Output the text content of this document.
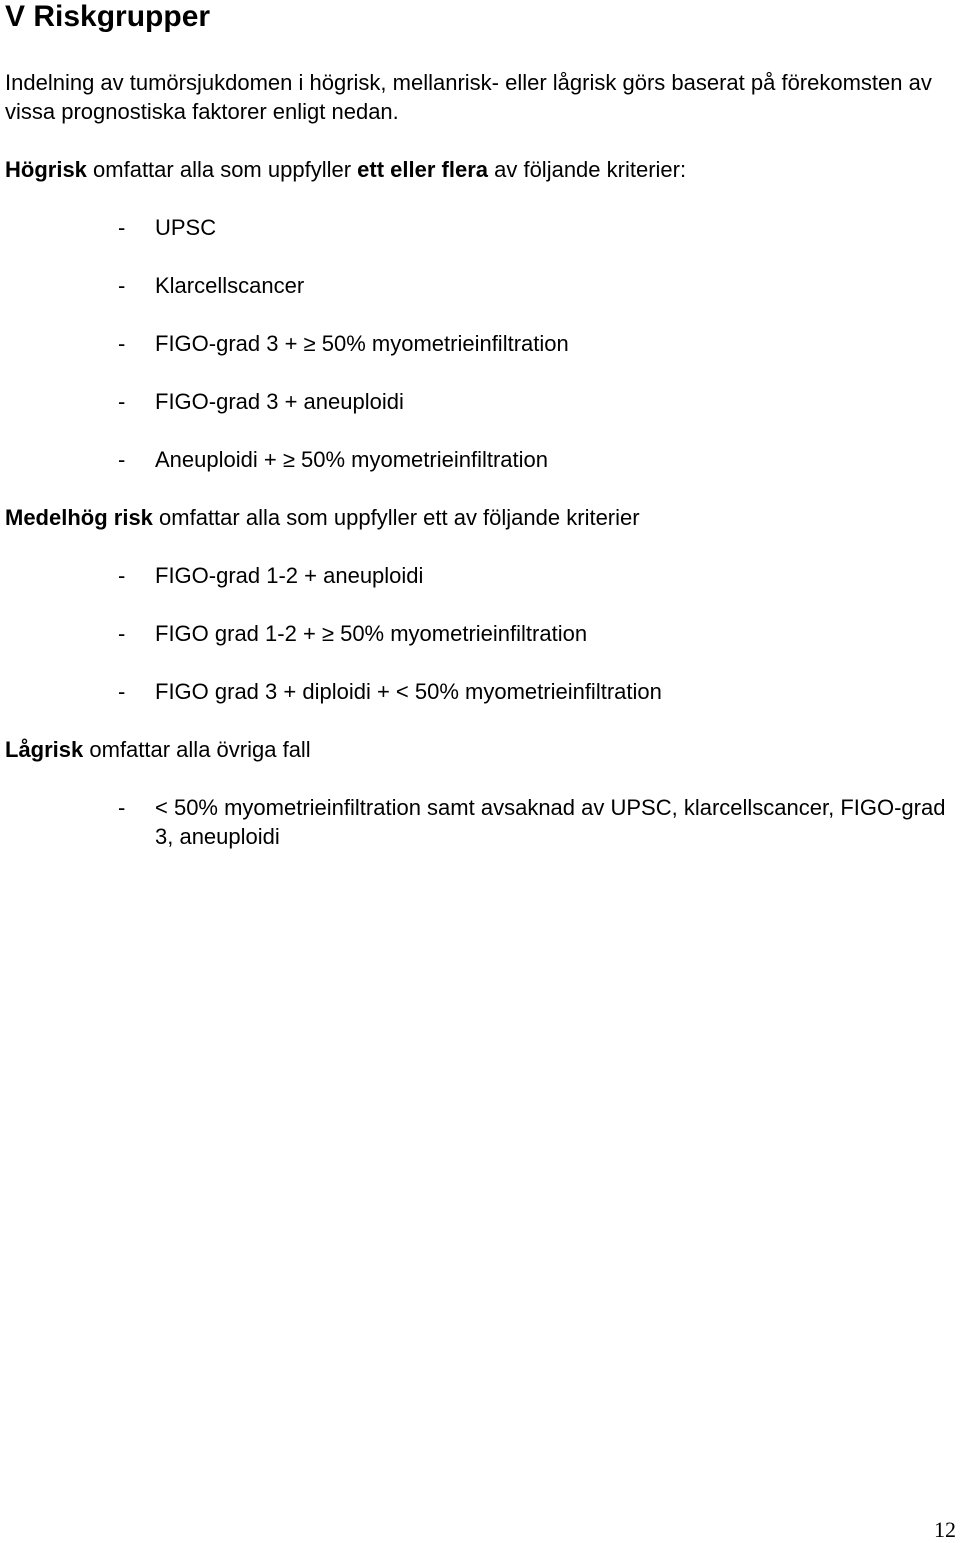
V Riskgrupper

Indelning av tumörsjukdomen i högrisk, mellanrisk- eller lågrisk görs baserat på förekomsten av vissa prognostiska faktorer enligt nedan.

Högrisk omfattar alla som uppfyller ett eller flera av följande kriterier:

-	UPSC
-	Klarcellscancer
-	FIGO-grad 3 + ≥ 50% myometrieinfiltration
-	FIGO-grad 3 + aneuploidi
-	Aneuploidi + ≥ 50% myometrieinfiltration

Medelhög risk omfattar alla som uppfyller ett av följande kriterier

-	FIGO-grad 1-2 + aneuploidi
-	FIGO grad 1-2 + ≥ 50% myometrieinfiltration
-	FIGO grad 3 + diploidi + < 50% myometrieinfiltration

Lågrisk omfattar alla övriga fall

-	< 50% myometrieinfiltration samt avsaknad av UPSC, klarcellscancer, FIGO-grad 3, aneuploidi
12
